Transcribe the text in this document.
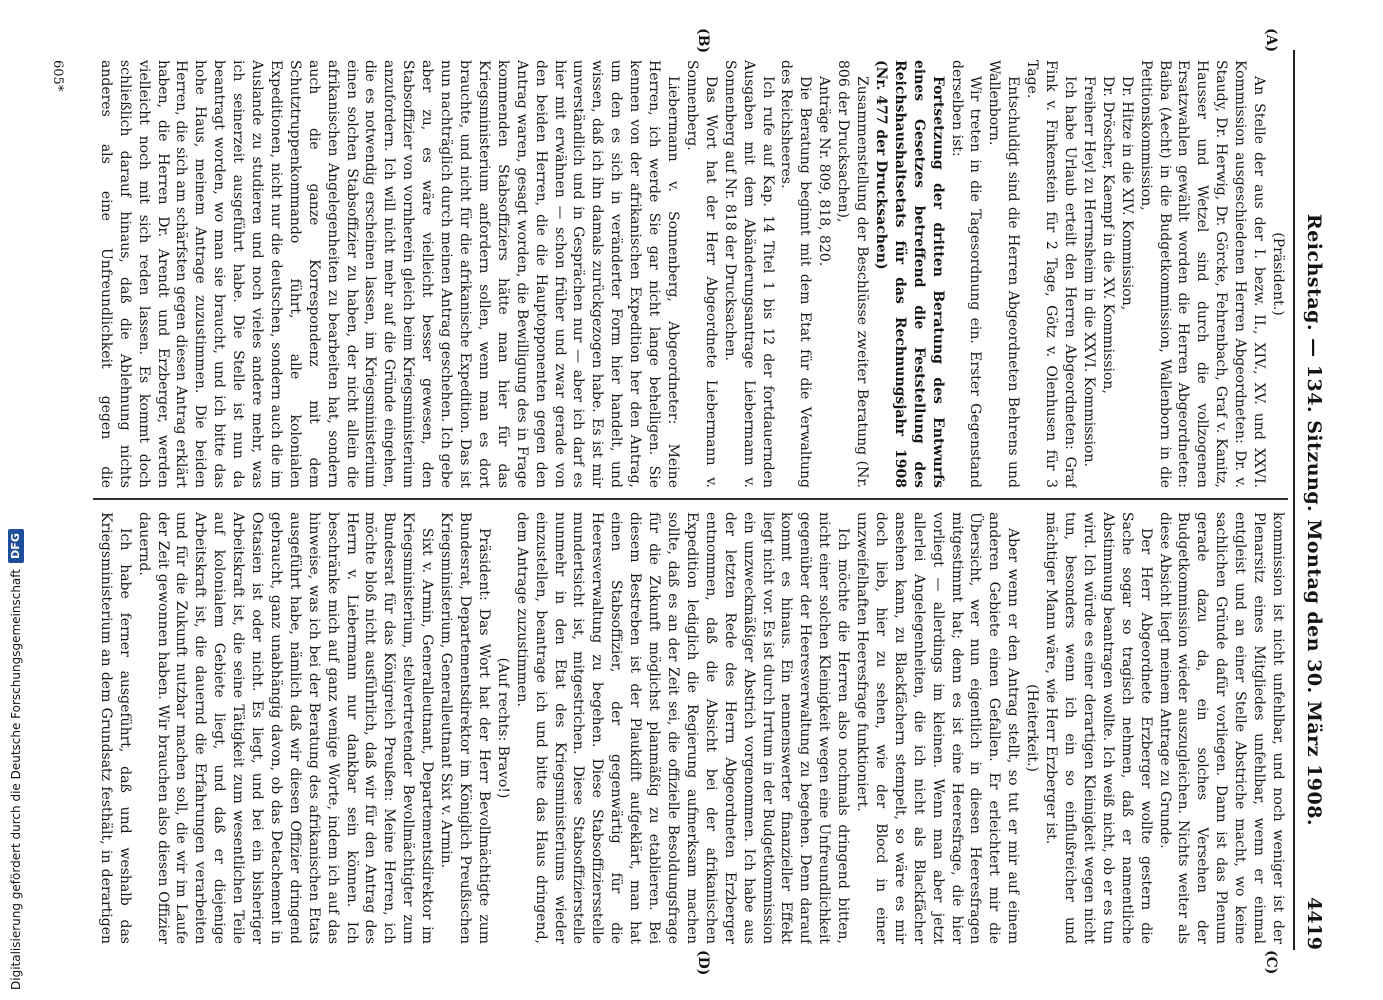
Reichstag. — 134. Sitzung. Montag den 30. März 1908.
4419
(A)
(B)
(C)
(D)

(Präsident.)

An Stelle der aus der I. bezw. II., XIV., XV. und XXVI. Kommission ausgeschiedenen Herren Abgeordneten: Dr. v. Staudy, Dr. Herwig, Dr. Görcke, Fehrenbach, Graf v. Kanitz, Hausser und Wetzel sind durch die vollzogenen Ersatzwahlen gewählt worden die Herren Abgeordneten: Baiba (Aecht) in die Budgetkommission, Wallenborn in die Petitionskommission,

Dr. Hitze in die XIV. Kommission,

Dr. Dröscher, Kaempf in die XV. Kommission,

Freiherr Heyl zu Herrnsheim in die XXVI. Kommission.

Ich habe Urlaub erteilt den Herren Abgeordneten: Graf Fink v. Finkenstein für 2 Tage, Götz v. Olenhusen für 3 Tage.

Entschuldigt sind die Herren Abgeordneten Behrens und Wallenborn.

Wir treten in die Tagesordnung ein. Erster Gegenstand derselben ist:

Fortsetzung der dritten Beratung des Entwurfs eines Gesetzes betreffend die Feststellung des Reichshaushaltsetats für das Rechnungsjahr 1908 (Nr. 477 der Drucksachen)

Zusammenstellung der Beschlüsse zweiter Beratung (Nr. 806 der Drucksachen),

Anträge Nr. 809, 818, 820.

Die Beratung beginnt mit dem Etat für die Verwaltung des Reichsheeres.

Ich rufe auf Kap. 14 Titel 1 bis 12 der fortdauernden Ausgaben mit dem Abänderungsantrage Liebermann v. Sonnenberg auf Nr. 818 der Drucksachen.

Das Wort hat der Herr Abgeordnete Liebermann v. Sonnenberg.

Liebermann v. Sonnenberg, Abgeordneter: Meine Herren, ich werde Sie gar nicht lange behelligen. Sie kennen von der afrikanischen Expedition her den Antrag, um den es sich in veränderter Form hier handelt, und wissen, daß ich ihn damals zurückgezogen habe. Es ist mir unverständlich und in Gesprächen nur — aber ich darf es hier mit erwähnen — schon früher und zwar gerade von den beiden Herren, die die Hauptopponenten gegen den Antrag waren, gesagt worden, die Bewilligung des in Frage kommenden Stabsoffiziers hätte man hier für das Kriegsministerium anfordern sollen, wenn man es dort brauchte, und nicht für die afrikanische Expedition. Das ist nun nachträglich durch meinen Antrag geschehen. Ich gebe aber zu, es wäre vielleicht besser gewesen, den Stabsoffizier von vornherein gleich beim Kriegsministerium anzufordern. Ich will nicht mehr auf die Gründe eingehen, die es notwendig erscheinen lassen, im Kriegsministerium einen solchen Stabsoffizier zu haben, der nicht allein die afrikanischen Angelegenheiten zu bearbeiten hat, sondern auch die ganze Korrespondenz mit dem Schutztruppenkommando führt, alle kolonialen Expeditionen, nicht nur die deutschen, sondern auch die im Auslande zu studieren und noch vieles andere mehr, was ich seinerzeit ausgeführt habe. Die Stelle ist nun da beantragt worden, wo man sie braucht, und ich bitte das hohe Haus, meinem Antrage zuzustimmen. Die beiden Herren, die sich am schärfsten gegen diesen Antrag erklärt haben, die Herren Dr. Arendt und Erzberger, werden vielleicht noch mit sich reden lassen. Es kommt doch schließlich darauf hinaus, daß die Ablehnung nichts anderes als eine Unfreundlichkeit gegen die

kommission ist nicht unfehlbar, und noch weniger ist der Plenarsitz eines Mitgliedes unfehlbar, wenn er einmal entgleist und an einer Stelle Abstriche macht, wo keine sachlichen Gründe dafür vorliegen. Dann ist das Plenum gerade dazu da, ein solches Versehen der Budgetkommission wieder auszugleichen. Nichts weiter als diese Absicht liegt meinem Antrage zu Grunde.

Der Herr Abgeordnete Erzberger wollte gestern die Sache sogar so tragisch nehmen, daß er namentliche Abstimmung beantragen wollte. Ich weiß nicht, ob er es tun wird. Ich würde es einer derartigen Kleinigkeit wegen nicht tun, besonders wenn ich ein so einflußreicher und mächtiger Mann wäre, wie Herr Erzberger ist.

(Heiterkeit.)

Aber wenn er den Antrag stellt, so tut er mir auf einem anderen Gebiete einen Gefallen. Er erleichtert mir die Übersicht, wer nun eigentlich in diesen Heeresfragen mitgestimmt hat; denn es ist eine Heeresfrage, die hier vorliegt — allerdings im kleinen. Wenn man aber jetzt allerlei Angelegenheiten, die ich nicht als Blackfächer ansehen kann, zu Blackfächern stempelt, so wäre es mir doch lieb, hier zu sehen, wie der Blocd in einer unzweifelhaften Heeresfrage funktioniert.

Ich möchte die Herren also nochmals dringend bitten, nicht einer solchen Kleinigkeit wegen eine Unfreundlichkeit gegenüber der Heeresverwaltung zu begehen. Denn darauf kommt es hinaus. Ein nennenswerter finanzieller Effekt liegt nicht vor. Es ist durch Irrtum in der Budgetkommission ein unzweckmäßiger Abstrich vorgenommen. Ich habe aus der letzten Rede des Herrn Abgeordneten Erzberger entnommen, daß die Absicht bei der afrikanischen Expedition lediglich die Regierung aufmerksam machen sollte, daß es an der Zeit sei, die offizielle Besoldungsfrage für die Zukunft möglichst planmäßig zu etablieren. Bei diesem Bestreben ist der Plaukdift aufgeklärt, man hat einen Stabsoffizier, der gegenwärtig für die Heeresverwaltung zu begehen. Diese Stabsoffiziersstelle mundertsicht ist, mitgestrichen. Diese Stabsoffizierstelle nunmehr in den Etat des Kriegsministeriums wieder einzustellen, beantrage ich und bitte das Haus dringend, dem Antrage zuzustimmen.

(Auf rechts: Bravo!)

Präsident: Das Wort hat der Herr Bevollmächtigte zum Bundesrat, Departementsdirektor im Königlich Preußischen Kriegsministerium, Generalleutnant Sixt v. Armin.

Sixt v. Armin, Generalleutnant, Departementsdirektor im Kriegsministerium, stellvertretender Bevollmächtigter zum Bundesrat für das Königreich Preußen: Meine Herren, ich möchte bloß nicht ausführlich, daß wir für den Antrag des Herrn v. Liebermann nur dankbar sein können. Ich beschränke mich auf ganz wenige Worte, indem ich auf das hinweise, was ich bei der Beratung des afrikanischen Etats ausgeführt habe, nämlich daß wir diesen Offizier dringend gebraucht, ganz unabhängig davon, ob das Detachement in Ostasien ist oder nicht. Es liegt, und bei ein bisheriger Arbeitskraft ist, die seine Tätigkeit zum wesentlichen Teile auf kolonialem Gebiete liegt, und daß er diejenige Arbeitskraft ist, die dauernd die Erfahrungen verarbeiten und für die Zukunft nutzbar machen soll, die wir im Laufe der Zeit gewonnen haben. Wir brauchen also diesen Offizier dauernd.

Ich habe ferner ausgeführt, daß und weshalb das Kriegsministerium an dem Grundsatz festhält, in derartigen

605*
Digitalisierung gefördert durch die Deutsche Forschungsgemeinschaft
DFG
